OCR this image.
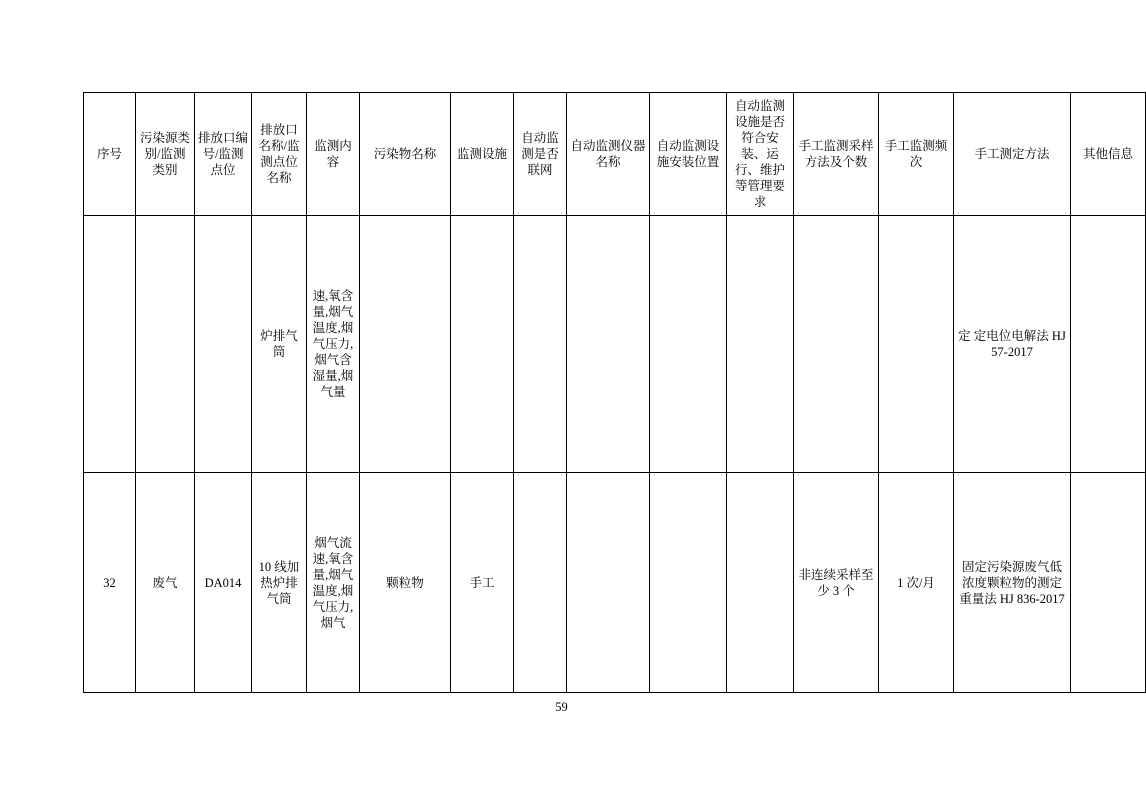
序号	污染源类别/监测类别	排放口编号/监测点位	排放口名称/监测点位名称	监测内容	污染物名称	监测设施	自动监测是否联网	自动监测仪器名称	自动监测设施安装位置	自动监测设施是否符合安装、运行、维护等管理要求	手工监测采样方法及个数	手工监测频次	手工测定方法	其他信息

			炉排气筒	速,氧含量,烟气温度,烟气压力,烟气含湿量,烟气量									定 定电位电解法 HJ 57-2017	
32	废气	DA014	10 线加热炉排气筒	烟气流速,氧含量,烟气温度,烟气压力,烟气	颗粒物	手工					非连续采样至少 3 个	1 次/月	固定污染源废气低浓度颗粒物的测定 重量法 HJ 836-2017	
59
